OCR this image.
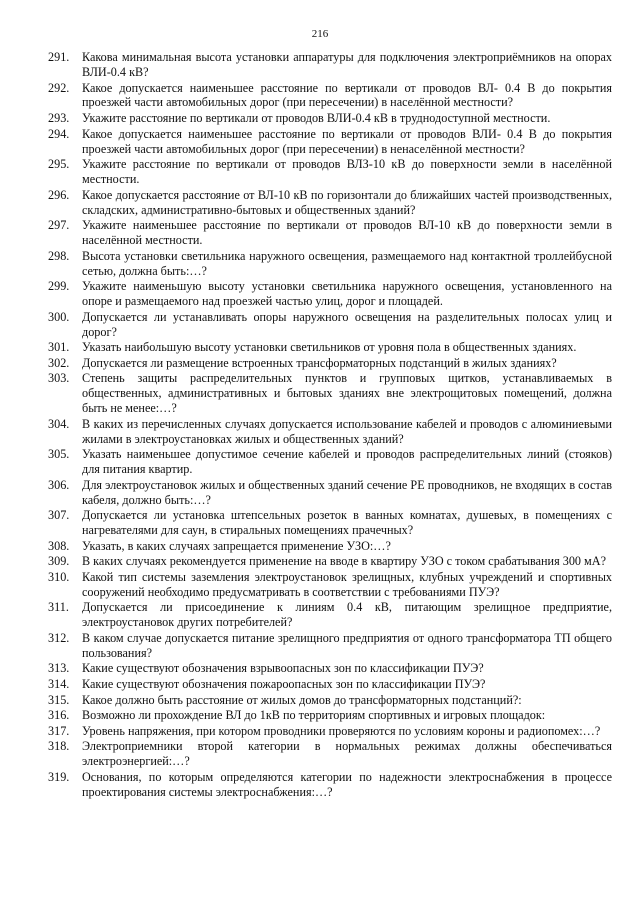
216
291.	Какова минимальная высота установки аппаратуры для подключения электроприёмников на опорах ВЛИ-0.4 кВ?
292.	Какое допускается наименьшее расстояние по вертикали от проводов ВЛ- 0.4 В до покрытия проезжей части автомобильных дорог (при пересечении) в населённой местности?
293.	Укажите расстояние по вертикали от проводов ВЛИ-0.4 кВ в труднодоступной местности.
294.	Какое допускается наименьшее расстояние по вертикали от проводов ВЛИ- 0.4 В до покрытия проезжей части автомобильных дорог (при пересечении) в ненаселённой местности?
295.	Укажите расстояние по вертикали от проводов ВЛЗ-10 кВ до поверхности земли в населённой местности.
296.	Какое допускается расстояние от ВЛ-10 кВ по горизонтали до ближайших частей производственных, складских, административно-бытовых и общественных зданий?
297.	Укажите наименьшее расстояние по вертикали от проводов ВЛ-10 кВ до поверхности земли в населённой местности.
298.	Высота установки светильника наружного освещения, размещаемого над контактной троллейбусной сетью, должна быть:…?
299.	Укажите наименьшую высоту установки светильника наружного освещения, установленного на опоре и размещаемого над проезжей частью улиц, дорог и площадей.
300.	Допускается ли устанавливать опоры наружного освещения на разделительных полосах улиц и дорог?
301.	Указать наибольшую высоту установки светильников от уровня пола в общественных зданиях.
302.	Допускается ли размещение встроенных трансформаторных подстанций в жилых зданиях?
303.	Степень защиты распределительных пунктов и групповых щитков, устанавливаемых в общественных, административных и бытовых зданиях вне электрощитовых помещений, должна быть не менее:…?
304.	В каких из перечисленных случаях допускается использование кабелей и проводов с алюминиевыми жилами в электроустановках жилых и общественных зданий?
305.	Указать наименьшее допустимое сечение кабелей и проводов распределительных линий (стояков) для питания квартир.
306.	Для электроустановок жилых и общественных зданий сечение РЕ проводников, не входящих в состав кабеля, должно быть:…?
307.	Допускается ли установка штепсельных розеток в ванных комнатах, душевых, в помещениях с нагревателями для саун, в стиральных помещениях прачечных?
308.	Указать, в каких случаях запрещается применение УЗО:…?
309.	В каких случаях рекомендуется применение на вводе в квартиру УЗО с током срабатывания 300 мА?
310.	Какой тип системы заземления электроустановок зрелищных, клубных учреждений и спортивных сооружений необходимо предусматривать в соответствии с требованиями ПУЭ?
311.	Допускается ли присоединение к линиям 0.4 кВ, питающим зрелищное предприятие, электроустановок других потребителей?
312.	В каком случае допускается питание зрелищного предприятия от одного трансформатора ТП общего пользования?
313.	Какие существуют обозначения взрывоопасных зон по классификации ПУЭ?
314.	Какие существуют обозначения пожароопасных зон по классификации ПУЭ?
315.	Какое должно быть расстояние от жилых домов до трансформаторных подстанций?:
316.	Возможно ли прохождение ВЛ до 1кВ по территориям спортивных и игровых площадок:
317.	Уровень напряжения, при котором проводники проверяются по условиям короны и радиопомех:…?
318.	Электроприемники второй категории в нормальных режимах должны обеспечиваться электроэнергией:…?
319.	Основания, по которым определяются категории по надежности электроснабжения в процессе проектирования системы электроснабжения:…?
